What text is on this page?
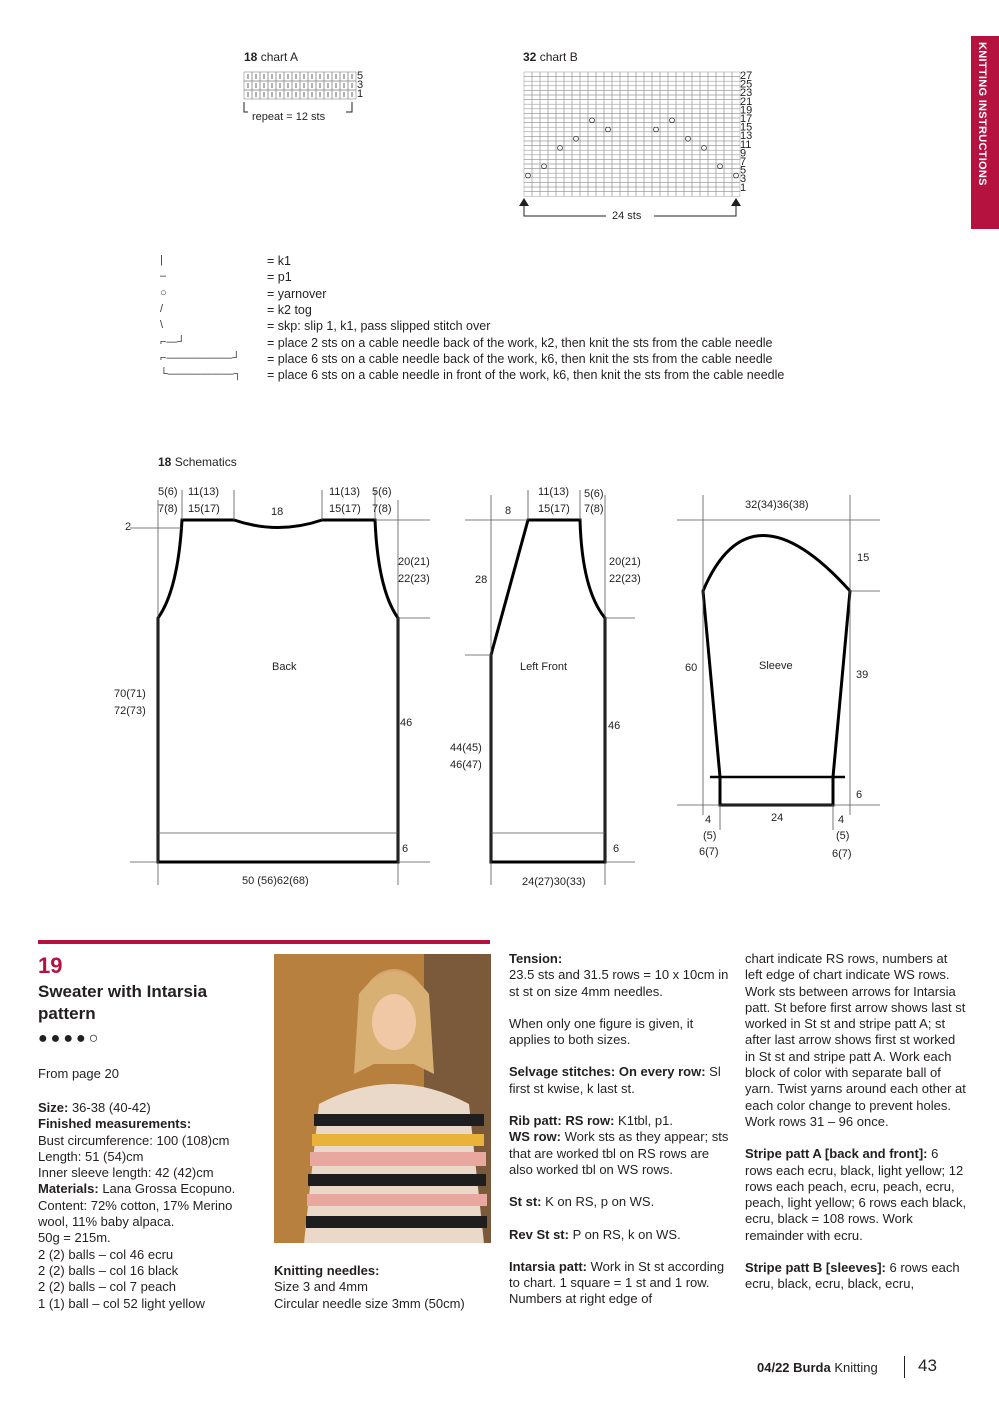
KNITTING INSTRUCTIONS
18 chart A
5
3
1
repeat = 12 sts
32 chart B
27
25
23
21
19
17
15
13
11
9
7
5
3
1
24 sts
|	= k1
–	= p1
○	= yarnover
/	= k2 tog
\	= skp: slip 1, k1, pass slipped stitch over
⌐—┘	= place 2 sts on a cable needle back of the work, k2, then knit the sts from the cable needle
⌐——————┘	= place 6 sts on a cable needle back of the work, k6, then knit the sts from the cable needle
└——————┐	= place 6 sts on a cable needle in front of the work, k6, then knit the sts from the cable needle
18 Schematics
Back
5(6)
7(8)
11(13)
15(17)	18
11(13)
15(17)
5(6)
7(8)
2
20(21)
22(23)
70(71)
72(73)
46
6
50 (56)62(68)
Left Front
8
11(13)
15(17)
5(6)
7(8)
28
20(21)
22(23)
44(45)
46(47)
46
6
24(27)30(33)
Sleeve
32(34)36(38)
15
60
39
6
24
4
(5)
6(7)
4
(5)
6(7)
19
Sweater with Intarsia pattern
●●●●○
From page 20
Size: 36-38 (40-42)
Finished measurements:
Bust circumference: 100 (108)cm
Length: 51 (54)cm
Inner sleeve length: 42 (42)cm
Materials: Lana Grossa Ecopuno.
Content: 72% cotton, 17% Merino
wool, 11% baby alpaca.
50g = 215m.
2 (2) balls – col 46 ecru
2 (2) balls – col 16 black
2 (2) balls – col 7 peach
1 (1) ball – col 52 light yellow
Knitting needles:
Size 3 and 4mm
Circular needle size 3mm (50cm)

Tension:
23.5 sts and 31.5 rows = 10 x 10cm in st st on size 4mm needles.

When only one figure is given, it applies to both sizes.

Selvage stitches: On every row: Sl first st kwise, k last st.

Rib patt: RS row: K1tbl, p1.
WS row: Work sts as they appear; sts that are worked tbl on RS rows are also worked tbl on WS rows.

St st: K on RS, p on WS.

Rev St st: P on RS, k on WS.

Intarsia patt: Work in St st according to chart. 1 square = 1 st and 1 row. Numbers at right edge of

chart indicate RS rows, numbers at left edge of chart indicate WS rows. Work sts between arrows for Intarsia patt. St before first arrow shows last st worked in St st and stripe patt A; st after last arrow shows first st worked in St st and stripe patt A. Work each block of color with separate ball of yarn. Twist yarns around each other at each color change to prevent holes. Work rows 31 – 96 once.

Stripe patt A [back and front]: 6 rows each ecru, black, light yellow; 12 rows each peach, ecru, peach, ecru, peach, light yellow; 6 rows each black, ecru, black = 108 rows. Work remainder with ecru.

Stripe patt B [sleeves]: 6 rows each ecru, black, ecru, black, ecru,

04/22 Burda Knitting 43
